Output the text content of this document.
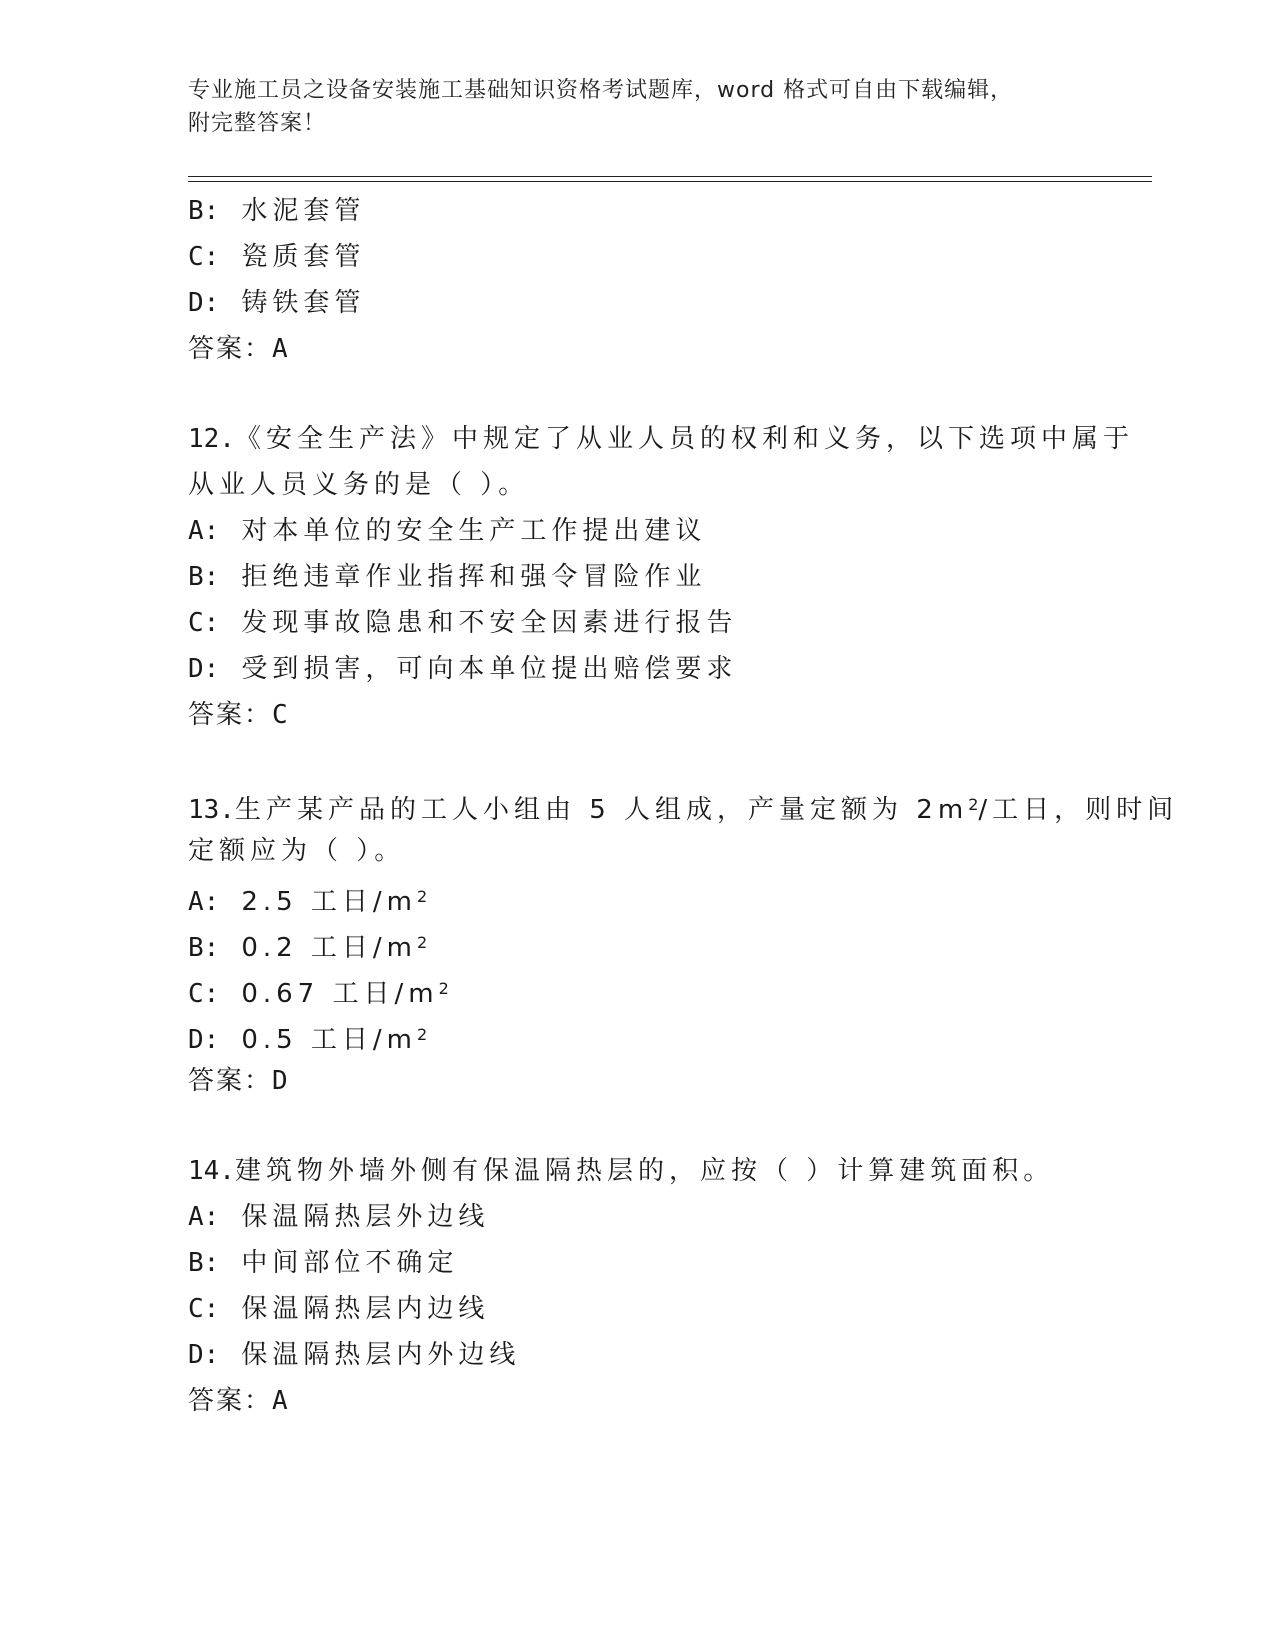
专业施工员之设备安装施工基础知识资格考试题库，word 格式可自由下载编辑，
附完整答案！
B: 水泥套管
C: 瓷质套管
D: 铸铁套管
答案：A
12.《安全生产法》中规定了从业人员的权利和义务，以下选项中属于
从业人员义务的是（ ）。
A: 对本单位的安全生产工作提出建议
B: 拒绝违章作业指挥和强令冒险作业
C: 发现事故隐患和不安全因素进行报告
D: 受到损害，可向本单位提出赔偿要求
答案：C
13.生产某产品的工人小组由 5 人组成，产量定额为 $2m^2/$工日，则时间
定额应为（ ）。
A: 2.5 工日$/m^2$
B: 0.2 工日$/m^2$
C: 0.67 工日$/m^2$
D: 0.5 工日$/m^2$
答案：D
14.建筑物外墙外侧有保温隔热层的，应按（ ）计算建筑面积。
A: 保温隔热层外边线
B: 中间部位不确定
C: 保温隔热层内边线
D: 保温隔热层内外边线
答案：A
